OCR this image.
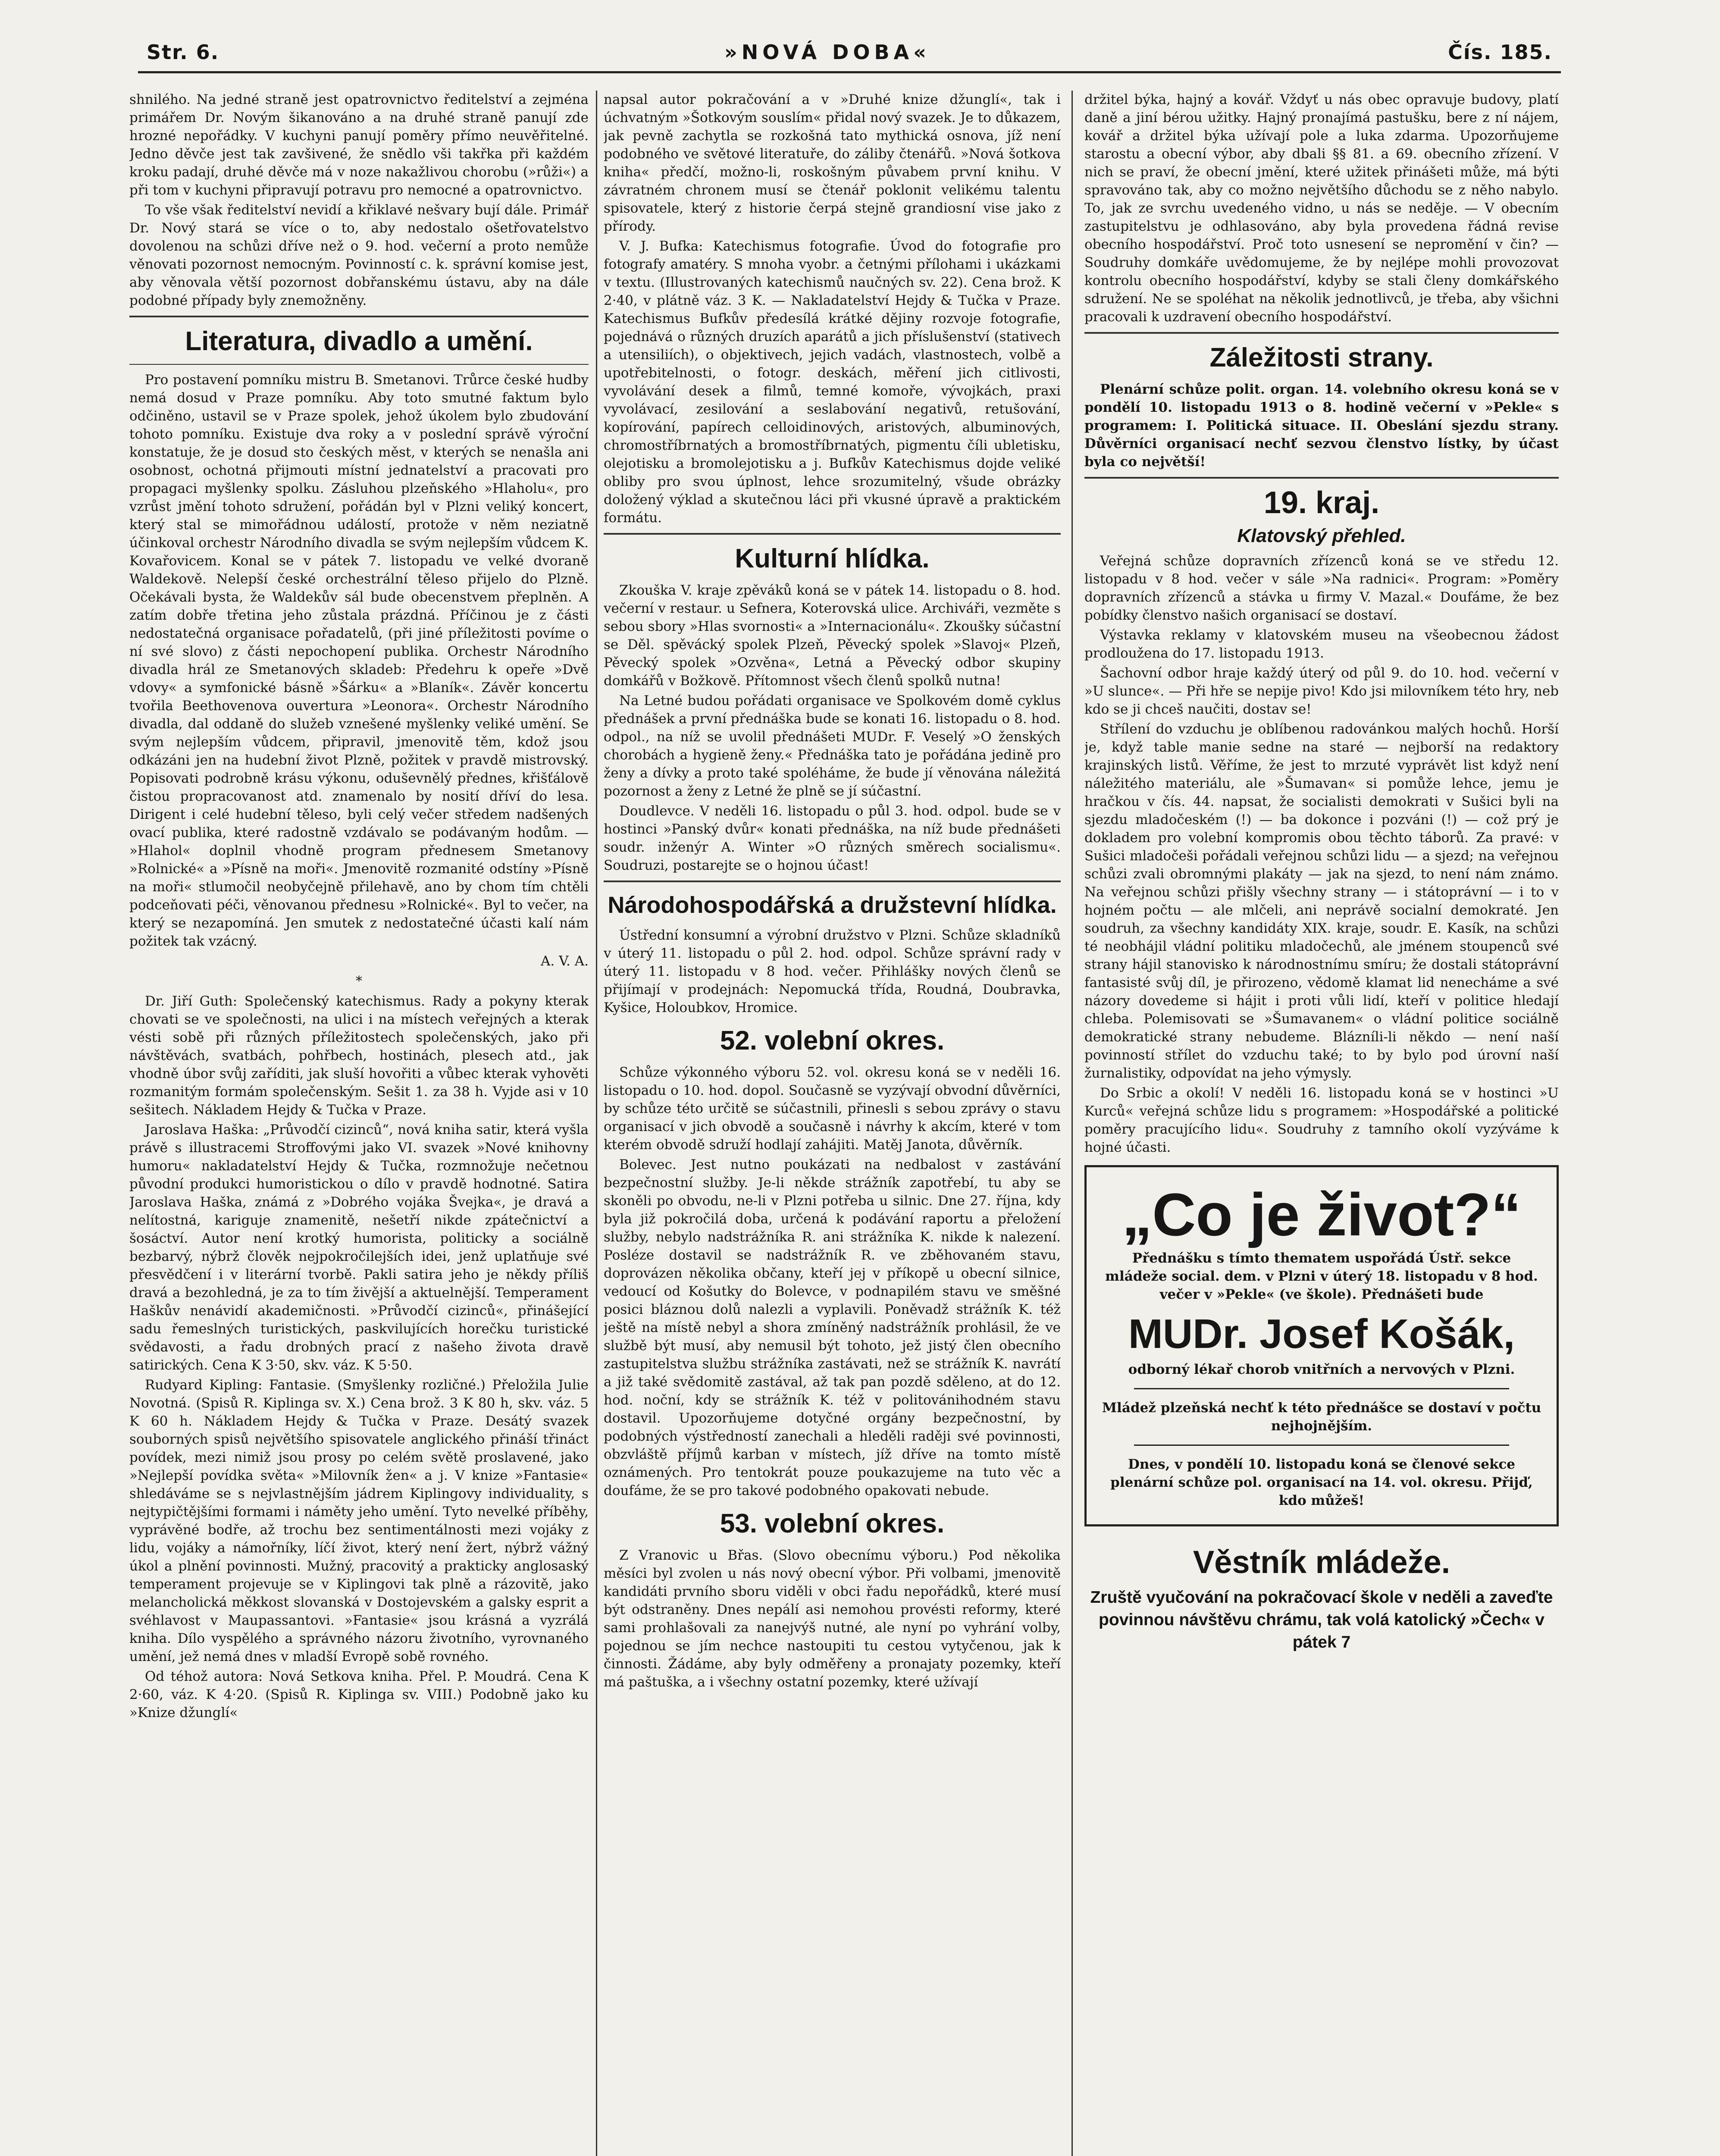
Str. 6.	»NOVÁ DOBA«	Čís. 185.

shnilého. Na jedné straně jest opatrovnictvo ředitelství a zejména primářem Dr. Novým šikanováno a na druhé straně panují zde hrozné nepořádky. V kuchyni panují poměry přímo neuvěřitelné. Jedno děvče jest tak zavšivené, že snědlo vši takřka při každém kroku padají, druhé děvče má v noze nakažlivou chorobu (»růži«) a při tom v kuchyni připravují potravu pro nemocné a opatrovnictvo.

To vše však ředitelství nevidí a křiklavé nešvary bují dále. Primář Dr. Nový stará se více o to, aby nedostalo ošetřovatelstvo dovolenou na schůzi dříve než o 9. hod. večerní a proto nemůže věnovati pozornost nemocným. Povinností c. k. správní komise jest, aby věnovala větší pozornost dobřanskému ústavu, aby na dále podobné případy byly znemožněny.

Literatura, divadlo a umění.

Pro postavení pomníku mistru B. Smetanovi. Trůrce české hudby nemá dosud v Praze pomníku. Aby toto smutné faktum bylo odčiněno, ustavil se v Praze spolek, jehož úkolem bylo zbudování tohoto pomníku. Existuje dva roky a v poslední správě výroční konstatuje, že je dosud sto českých měst, v kterých se nenašla ani osobnost, ochotná přijmouti místní jednatelství a pracovati pro propagaci myšlenky spolku. Zásluhou plzeňského »Hlaholu«, pro vzrůst jmění tohoto sdružení, pořádán byl v Plzni veliký koncert, který stal se mimořádnou událostí, protože v něm neziatně účinkoval orchestr Národního divadla se svým nejlepším vůdcem K. Kovařovicem. Konal se v pátek 7. listopadu ve velké dvoraně Waldekově. Nelepší české orchestrální těleso přijelo do Plzně. Očekávali bysta, že Waldekův sál bude obecenstvem přeplněn. A zatím dobře třetina jeho zůstala prázdná. Příčinou je z části nedostatečná organisace pořadatelů, (při jiné příležitosti povíme o ní své slovo) z části nepochopení publika. Orchestr Národního divadla hrál ze Smetanových skladeb: Předehru k opeře »Dvě vdovy« a symfonické básně »Šárku« a »Blaník«. Závěr koncertu tvořila Beethovenova ouvertura »Leonora«. Orchestr Národního divadla, dal oddaně do služeb vznešené myšlenky veliké umění. Se svým nejlepším vůdcem, připravil, jmenovitě těm, kdož jsou odkázáni jen na hudební život Plzně, požitek v pravdě mistrovský. Popisovati podrobně krásu výkonu, oduševnělý přednes, křišťálově čistou propracovanost atd. znamenalo by nosití dříví do lesa. Dirigent i celé hudební těleso, byli celý večer středem nadšených ovací publika, které radostně vzdávalo se podávaným hodům. — »Hlahol« doplnil vhodně program přednesem Smetanovy »Rolnické« a »Písně na moři«. Jmenovitě rozmanité odstíny »Písně na moři« stlumočil neobyčejně přilehavě, ano by chom tím chtěli podceňovati péči, věnovanou přednesu »Rolnické«. Byl to večer, na který se nezapomíná. Jen smutek z nedostatečné účasti kalí nám požitek tak vzácný.

A. V. A.

*

Dr. Jiří Guth: Společenský katechismus. Rady a pokyny kterak chovati se ve společnosti, na ulici i na místech veřejných a kterak vésti sobě při různých příležitostech společenských, jako při návštěvách, svatbách, pohřbech, hostinách, plesech atd., jak vhodně úbor svůj zaříditi, jak sluší hovořiti a vůbec kterak vyhověti rozmanitým formám společenským. Sešit 1. za 38 h. Vyjde asi v 10 sešitech. Nákladem Hejdy & Tučka v Praze.

Jaroslava Haška: „Průvodčí cizinců“, nová kniha satir, která vyšla právě s illustracemi Stroffovými jako VI. svazek »Nové knihovny humoru« nakladatelství Hejdy & Tučka, rozmnožuje nečetnou původní produkci humoristickou o dílo v pravdě hodnotné. Satira Jaroslava Haška, známá z »Dobrého vojáka Švejka«, je dravá a nelítostná, kariguje znamenitě, nešetří nikde zpátečnictví a šosáctví. Autor není krotký humorista, politicky a sociálně bezbarvý, nýbrž člověk nejpokročilejších idei, jenž uplatňuje své přesvědčení i v literární tvorbě. Pakli satira jeho je někdy příliš dravá a bezohledná, je za to tím živější a aktuelnější. Temperament Haškův nenávidí akademičnosti. »Průvodčí cizinců«, přinášející sadu řemeslných turistických, paskvilujících horečku turistické svědavosti, a řadu drobných prací z našeho života dravě satirických. Cena K 3·50, skv. váz. K 5·50.

Rudyard Kipling: Fantasie. (Smyšlenky rozličné.) Přeložila Julie Novotná. (Spisů R. Kiplinga sv. X.) Cena brož. 3 K 80 h, skv. váz. 5 K 60 h. Nákladem Hejdy & Tučka v Praze. Desátý svazek souborných spisů největšího spisovatele anglického přináší třináct povídek, mezi nimiž jsou prosy po celém světě proslavené, jako »Nejlepší povídka světa« »Milovník žen« a j. V knize »Fantasie« shledáváme se s nejvlastnějším jádrem Kiplingovy individuality, s nejtypičtějšími formami i náměty jeho umění. Tyto nevelké příběhy, vyprávěné bodře, až trochu bez sentimentálnosti mezi vojáky z lidu, vojáky a námořníky, líčí život, který není žert, nýbrž vážný úkol a plnění povinnosti. Mužný, pracovitý a prakticky anglosaský temperament projevuje se v Kiplingovi tak plně a rázovitě, jako melancholická měkkost slovanská v Dostojevském a galsky esprit a svéhlavost v Maupassantovi. »Fantasie« jsou krásná a vyzrálá kniha. Dílo vyspělého a správného názoru životního, vyrovnaného umění, jež nemá dnes v mladší Evropě sobě rovného.

Od téhož autora: Nová Setkova kniha. Přel. P. Moudrá. Cena K 2·60, váz. K 4·20. (Spisů R. Kiplinga sv. VIII.) Podobně jako ku »Knize džunglí«

napsal autor pokračování a v »Druhé knize džunglí«, tak i úchvatným »Šotkovým souslím« přidal nový svazek. Je to důkazem, jak pevně zachytla se rozkošná tato mythická osnova, jíž není podobného ve světové literatuře, do záliby čtenářů. »Nová šotkova kniha« předčí, možno-li, roskošným půvabem první knihu. V závratném chronem musí se čtenář poklonit velikému talentu spisovatele, který z historie čerpá stejně grandiosní vise jako z přírody.

V. J. Bufka: Katechismus fotografie. Úvod do fotografie pro fotografy amatéry. S mnoha vyobr. a četnými přílohami i ukázkami v textu. (Illustrovaných katechismů naučných sv. 22). Cena brož. K 2·40, v plátně váz. 3 K. — Nakladatelství Hejdy & Tučka v Praze. Katechismus Bufkův předesílá krátké dějiny rozvoje fotografie, pojednává o různých druzích aparátů a jich příslušenství (stativech a utensiliích), o objektivech, jejich vadách, vlastnostech, volbě a upotřebitelnosti, o fotogr. deskách, měření jich citlivosti, vyvolávání desek a filmů, temné komoře, vývojkách, praxi vyvolávací, zesilování a seslabování negativů, retušování, kopírování, papírech celloidinových, aristových, albuminových, chromostříbrnatých a bromostříbrnatých, pigmentu číli ubletisku, olejotisku a bromolejotisku a j. Bufkův Katechismus dojde veliké obliby pro svou úplnost, lehce srozumitelný, všude obrázky doložený výklad a skutečnou láci při vkusné úpravě a praktickém formátu.

Kulturní hlídka.

Zkouška V. kraje zpěváků koná se v pátek 14. listopadu o 8. hod. večerní v restaur. u Sefnera, Koterovská ulice. Archiváři, vezměte s sebou sbory »Hlas svornosti« a »Internacionálu«. Zkoušky súčastní se Děl. spěvácký spolek Plzeň, Pěvecký spolek »Slavoj« Plzeň, Pěvecký spolek »Ozvěna«, Letná a Pěvecký odbor skupiny domkářů v Božkově. Přítomnost všech členů spolků nutna!

Na Letné budou pořádati organisace ve Spolkovém domě cyklus přednášek a první přednáška bude se konati 16. listopadu o 8. hod. odpol., na níž se uvolil přednášeti MUDr. F. Veselý »O ženských chorobách a hygieně ženy.« Přednáška tato je pořádána jedině pro ženy a dívky a proto také spoléháme, že bude jí věnována náležitá pozornost a ženy z Letné že plně se jí súčastní.

Doudlevce. V neděli 16. listopadu o půl 3. hod. odpol. bude se v hostinci »Panský dvůr« konati přednáška, na níž bude přednášeti soudr. inženýr A. Winter »O různých směrech socialismu«. Soudruzi, postarejte se o hojnou účast!

Národohospodářská a družstevní hlídka.

Ústřední konsumní a výrobní družstvo v Plzni. Schůze skladníků v úterý 11. listopadu o půl 2. hod. odpol. Schůze správní rady v úterý 11. listopadu v 8 hod. večer. Přihlášky nových členů se přijímají v prodejnách: Nepomucká třída, Roudná, Doubravka, Kyšice, Holoubkov, Hromice.

52. volební okres.

Schůze výkonného výboru 52. vol. okresu koná se v neděli 16. listopadu o 10. hod. dopol. Současně se vyzývají obvodní důvěrníci, by schůze této určitě se súčastnili, přinesli s sebou zprávy o stavu organisací v jich obvodě a současně i návrhy k akcím, které v tom kterém obvodě sdruží hodlají zahájiti. Matěj Janota, důvěrník.

Bolevec. Jest nutno poukázati na nedbalost v zastávání bezpečnostní služby. Je-li někde strážník zapotřebí, tu aby se skoněli po obvodu, ne-li v Plzni potřeba u silnic. Dne 27. října, kdy byla již pokročilá doba, určená k podávání raportu a přeložení služby, nebylo nadstrážníka R. ani strážníka K. nikde k nalezení. Posléze dostavil se nadstrážník R. ve zběhovaném stavu, doprovázen několika občany, kteří jej v příkopě u obecní silnice, vedoucí od Košutky do Bolevce, v podnapilém stavu ve směšné posici bláznou dolů nalezli a vyplavili. Poněvadž strážník K. též ještě na místě nebyl a shora zmíněný nadstrážník prohlásil, že ve službě být musí, aby nemusil být tohoto, jež jistý člen obecního zastupitelstva službu strážníka zastávati, než se strážník K. navrátí a již také svědomitě zastával, až tak pan pozdě sděleno, at do 12. hod. noční, kdy se strážník K. též v politovánihodném stavu dostavil. Upozorňujeme dotyčné orgány bezpečnostní, by podobných výstředností zanechali a hleděli raději své povinnosti, obzvláště příjmů karban v místech, jíž dříve na tomto místě oznámených. Pro tentokrát pouze poukazujeme na tuto věc a doufáme, že se pro takové podobného opakovati nebude.

53. volební okres.

Z Vranovic u Břas. (Slovo obecnímu výboru.) Pod několika měsíci byl zvolen u nás nový obecní výbor. Při volbami, jmenovitě kandidáti prvního sboru viděli v obci řadu nepořádků, které musí být odstraněny. Dnes nepálí asi nemohou provésti reformy, které sami prohlašovali za nanejvýš nutné, ale nyní po vyhrání volby, pojednou se jím nechce nastoupiti tu cestou vytyčenou, jak k činnosti. Žádáme, aby byly odměřeny a pronajaty pozemky, kteří má paštuška, a i všechny ostatní pozemky, které užívají

držitel býka, hajný a kovář. Vždyť u nás obec opravuje budovy, platí daně a jiní bérou užitky. Hajný pronajímá pastušku, bere z ní nájem, kovář a držitel býka užívají pole a luka zdarma. Upozorňujeme starostu a obecní výbor, aby dbali §§ 81. a 69. obecního zřízení. V nich se praví, že obecní jmění, které užitek přinášeti může, má býti spravováno tak, aby co možno největšího důchodu se z něho nabylo. To, jak ze svrchu uvedeného vidno, u nás se neděje. — V obecním zastupitelstvu je odhlasováno, aby byla provedena řádná revise obecního hospodářství. Proč toto usnesení se nepromění v čin? — Soudruhy domkáře uvědomujeme, že by nejlépe mohli provozovat kontrolu obecního hospodářství, kdyby se stali členy domkářského sdružení. Ne se spoléhat na několik jednotlivců, je třeba, aby všichni pracovali k uzdravení obecního hospodářství.

Záležitosti strany.

Plenární schůze polit. organ. 14. volebního okresu koná se v pondělí 10. listopadu 1913 o 8. hodině večerní v »Pekle« s programem: I. Politická situace. II. Obeslání sjezdu strany. Důvěrníci organisací nechť sezvou členstvo lístky, by účast byla co největší!

19. kraj.
Klatovský přehled.

Veřejná schůze dopravních zřízenců koná se ve středu 12. listopadu v 8 hod. večer v sále »Na radnici«. Program: »Poměry dopravních zřízenců a stávka u firmy V. Mazal.« Doufáme, že bez pobídky členstvo našich organisací se dostaví.

Výstavka reklamy v klatovském museu na všeobecnou žádost prodloužena do 17. listopadu 1913.

Šachovní odbor hraje každý úterý od půl 9. do 10. hod. večerní v »U slunce«. — Při hře se nepije pivo! Kdo jsi milovníkem této hry, neb kdo se ji chceš naučiti, dostav se!

Střílení do vzduchu je oblíbenou radovánkou malých hochů. Horší je, když table manie sedne na staré — nejborší na redaktory krajinských listů. Věříme, že jest to mrzuté vyprávět list když není náležitého materiálu, ale »Šumavan« si pomůže lehce, jemu je hračkou v čís. 44. napsat, že socialisti demokrati v Sušici byli na sjezdu mladočeském (!) — ba dokonce i pozváni (!) — což prý je dokladem pro volební kompromis obou těchto táborů. Za pravé: v Sušici mladočeši pořádali veřejnou schůzi lidu — a sjezd; na veřejnou schůzi zvali obromnými plakáty — jak na sjezd, to není nám známo. Na veřejnou schůzi přišly všechny strany — i státoprávní — i to v hojném počtu — ale mlčeli, ani neprávě socialní demokraté. Jen soudruh, za všechny kandidáty XIX. kraje, soudr. E. Kasík, na schůzi té neobhájil vládní politiku mladočechů, ale jménem stoupenců své strany hájil stanovisko k národnostnímu smíru; že dostali státoprávní fantasisté svůj díl, je přirozeno, vědomě klamat lid nenecháme a své názory dovedeme si hájit i proti vůli lidí, kteří v politice hledají chleba. Polemisovati se »Šumavanem« o vládní politice sociálně demokratické strany nebudeme. Blázníli-li někdo — není naší povinností střílet do vzduchu také; to by bylo pod úrovní naší žurnalistiky, odpovídat na jeho výmysly.

Do Srbic a okolí! V neděli 16. listopadu koná se v hostinci »U Kurců« veřejná schůze lidu s programem: »Hospodářské a politické poměry pracujícího lidu«. Soudruhy z tamního okolí vyzýváme k hojné účasti.

„Co je život?“
Přednášku s tímto thematem uspořádá Ústř. sekce mládeže social. dem. v Plzni v úterý 18. listopadu v 8 hod. večer v »Pekle« (ve škole). Přednášeti bude
MUDr. Josef Košák,
odborný lékař chorob vnitřních a nervových v Plzni.
Mládež plzeňská nechť k této přednášce se dostaví v počtu nejhojnějším.
Dnes, v pondělí 10. listopadu koná se členové sekce plenární schůze pol. organisací na 14. vol. okresu. Přijď, kdo můžeš!
Věstník mládeže.
Zruště vyučování na pokračovací škole v neděli a zaveďte povinnou návštěvu chrámu, tak volá katolický »Čech« v pátek 7
